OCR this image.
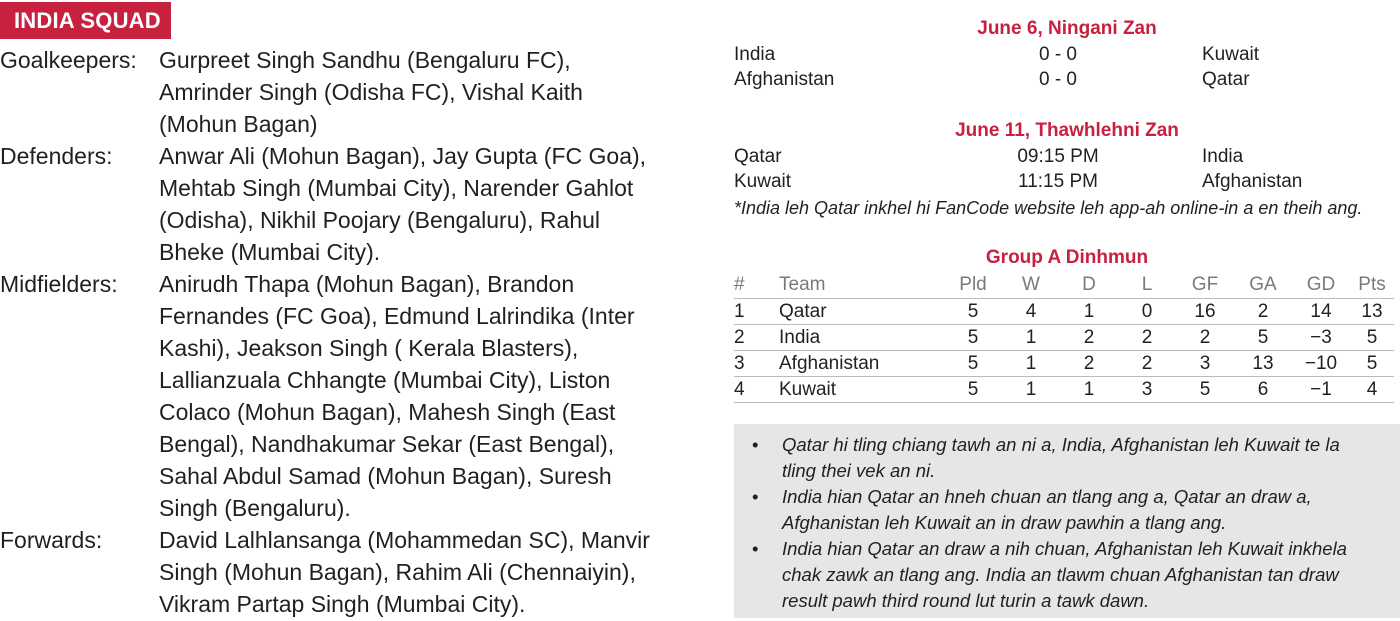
INDIA SQUAD
Goalkeepers: Gurpreet Singh Sandhu (Bengaluru FC),
Amrinder Singh (Odisha FC), Vishal Kaith
(Mohun Bagan)
Defenders:	Anwar Ali (Mohun Bagan), Jay Gupta (FC Goa),
Mehtab Singh (Mumbai City), Narender Gahlot
(Odisha), Nikhil Poojary (Bengaluru), Rahul
Bheke (Mumbai City).
Midfielders:	Anirudh Thapa (Mohun Bagan), Brandon
Fernandes (FC Goa), Edmund Lalrindika (Inter
Kashi), Jeakson Singh ( Kerala Blasters),
Lallianzuala Chhangte (Mumbai City), Liston
Colaco (Mohun Bagan), Mahesh Singh (East
Bengal), Nandhakumar Sekar (East Bengal),
Sahal Abdul Samad (Mohun Bagan), Suresh
Singh (Bengaluru).
Forwards:	David Lalhlansanga (Mohammedan SC), Manvir
Singh (Mohun Bagan), Rahim Ali (Chennaiyin),
Vikram Partap Singh (Mumbai City).
June 6, Ningani Zan
India	0 - 0	Kuwait
Afghanistan	0 - 0	Qatar
June 11, Thawhlehni Zan
Qatar	09:15 PM	India
Kuwait	11:15 PM	Afghanistan
*India leh Qatar inkhel hi FanCode website leh app-ah online-in a en theih ang.
Group A Dinhmun
#	Team	Pld	W	D	L	GF	GA	GD	Pts
1	Qatar	5	4	1	0	16	2	14	13
2	India	5	1	2	2	2	5	−3	5
3	Afghanistan	5	1	2	2	3	13	−10	5
4	Kuwait	5	1	1	3	5	6	−1	4
• Qatar hi tling chiang tawh an ni a, India, Afghanistan leh Kuwait te la
tling thei vek an ni.
• India hian Qatar an hneh chuan an tlang ang a, Qatar an draw a,
Afghanistan leh Kuwait an in draw pawhin a tlang ang.
• India hian Qatar an draw a nih chuan, Afghanistan leh Kuwait inkhela
chak zawk an tlang ang. India an tlawm chuan Afghanistan tan draw
result pawh third round lut turin a tawk dawn.
